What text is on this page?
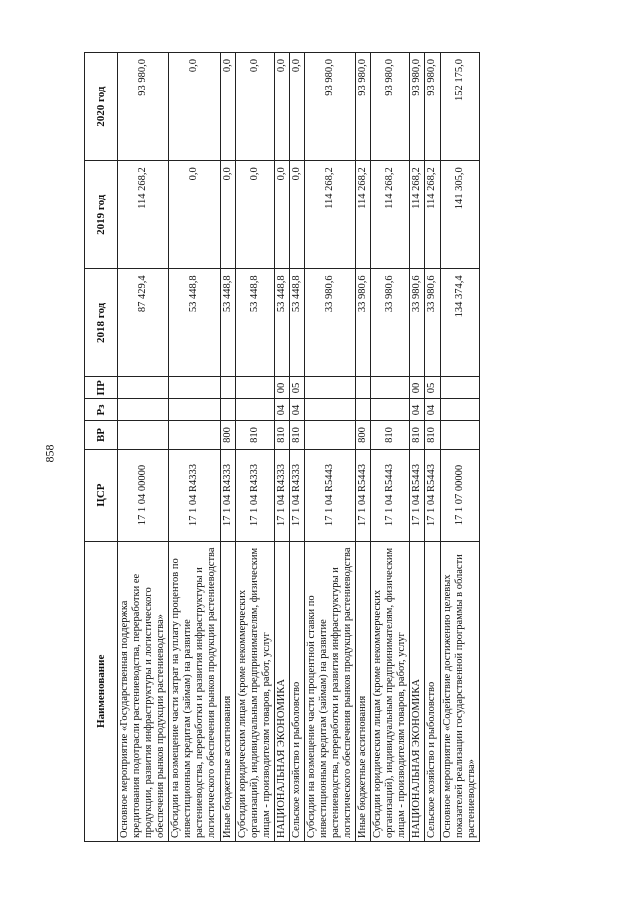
858
Наименование	ЦСР	ВР	Рз	ПР	2018 год	2019 год	2020 год
Основное мероприятие «Государственная поддержка кредитования подотрасли растениеводства, переработки ее продукции, развития инфраструктуры и логистического обеспечения рынков продукции растениеводства»	17 1 04 00000				87 429,4	114 268,2	93 980,0
Субсидии на возмещение части затрат на уплату процентов по инвестиционным кредитам (займам) на развитие растениеводства, переработки и развития инфраструктуры и логистического обеспечения рынков продукции растениеводства	17 1 04 R4333				53 448,8	0,0	0,0
Иные бюджетные ассигнования	17 1 04 R4333	800			53 448,8	0,0	0,0
Субсидии юридическим лицам (кроме некоммерческих организаций), индивидуальным предпринимателям, физическим лицам - производителям товаров, работ, услуг	17 1 04 R4333	810			53 448,8	0,0	0,0
НАЦИОНАЛЬНАЯ ЭКОНОМИКА	17 1 04 R4333	810	04	00	53 448,8	0,0	0,0
Сельское хозяйство и рыболовство	17 1 04 R4333	810	04	05	53 448,8	0,0	0,0
Субсидии на возмещение части процентной ставки по инвестиционным кредитам (займам) на развитие растениеводства, переработки и развития инфраструктуры и логистического обеспечения рынков продукции растениеводства	17 1 04 R5443				33 980,6	114 268,2	93 980,0
Иные бюджетные ассигнования	17 1 04 R5443	800			33 980,6	114 268,2	93 980,0
Субсидии юридическим лицам (кроме некоммерческих организаций), индивидуальным предпринимателям, физическим лицам - производителям товаров, работ, услуг	17 1 04 R5443	810			33 980,6	114 268,2	93 980,0
НАЦИОНАЛЬНАЯ ЭКОНОМИКА	17 1 04 R5443	810	04	00	33 980,6	114 268,2	93 980,0
Сельское хозяйство и рыболовство	17 1 04 R5443	810	04	05	33 980,6	114 268,2	93 980,0
Основное мероприятие «Содействие достижению целевых показателей реализации государственной программы в области растениеводства»	17 1 07 00000				134 374,4	141 305,0	152 175,0
